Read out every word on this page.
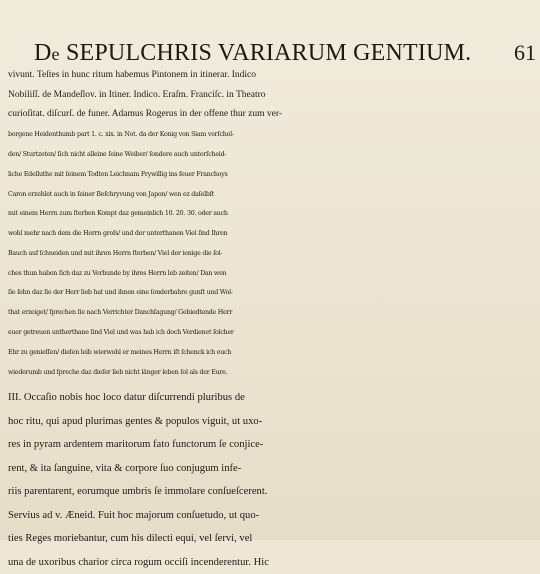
De SEPULCHRIS VARIARUM GENTIUM. 61
vivunt. Teſtes in hunc ritum habemus Pintonem in itinerar. Indico
Nobiliſſ. de Mandeſlov. in Itiner. Indico. Eraſm. Franciſc. in Theatro
curioſitat. diſcurſ. de funer. Adamus Rogerus in der offene thur zum ver-
borgene Heidenthumb part 1. c. xix. in Not. da der Konig von Siam verſchel-
den/ Sturtzeten/ ſich nicht alleine ſeine Weiber/ ſondere auch unterſcheid-
liche Edelluthe mit ſeinem Todten Leichnam Frywillig ins feuer Franchoys
Caron erzehlet auch in ſeiner Beſchryvung von Japon/ wen ez daſelbſt
mit einem Herrn zum ſterben Kompt daz gemeinlich 10. 20. 30. oder auch
wohl mehr nach dem die Herrn groſs/ und der unterthanen Viel ſind Ihren
Bauch auf ſchneiden und mit ihren Herrn ſterben/ Viel der ienige die ſol-
ches thun haben ſich daz zu Verbunde by ihres Herrn leb zeiten/ Dan wen
ſie ſehn daz ſie der Herr lieb hat und ihnen eine ſonderbahre gunſt und Wol-
that erzeiget/ ſprechen ſie nach Verrichter Danchſagung/ Gebiedtende Herr
euer getreuen untherthane ſind Viel und was hab ich doch Verdienet ſolcher
Ehr zu genieſſen/ dieſen leib wierwohl er meines Herrn iſt ſchenck ich euch
wiederumb und ſpreche daz dieſer lieb nicht länger leben ſol als der Eure.
III. Occaſio nobis hoc loco datur diſcurrendi pluribus de
hoc ritu, qui apud plurimas gentes & populos viguit, ut uxo-
res in pyram ardentem maritorum fato functorum ſe conjice-
rent, & ita ſanguine, vita & corpore ſuo conjugum infe-
riis parentarent, eorumque umbris ſe immolare conſueſcerent.
Servius ad v. Æneid. Fuit hoc majorum conſuetudo, ut quo-
ties Reges moriebantur, cum his dilecti equi, vel ſervi, vel
una de uxoribus charior circa rogum occiſi incenderentur. Hic
